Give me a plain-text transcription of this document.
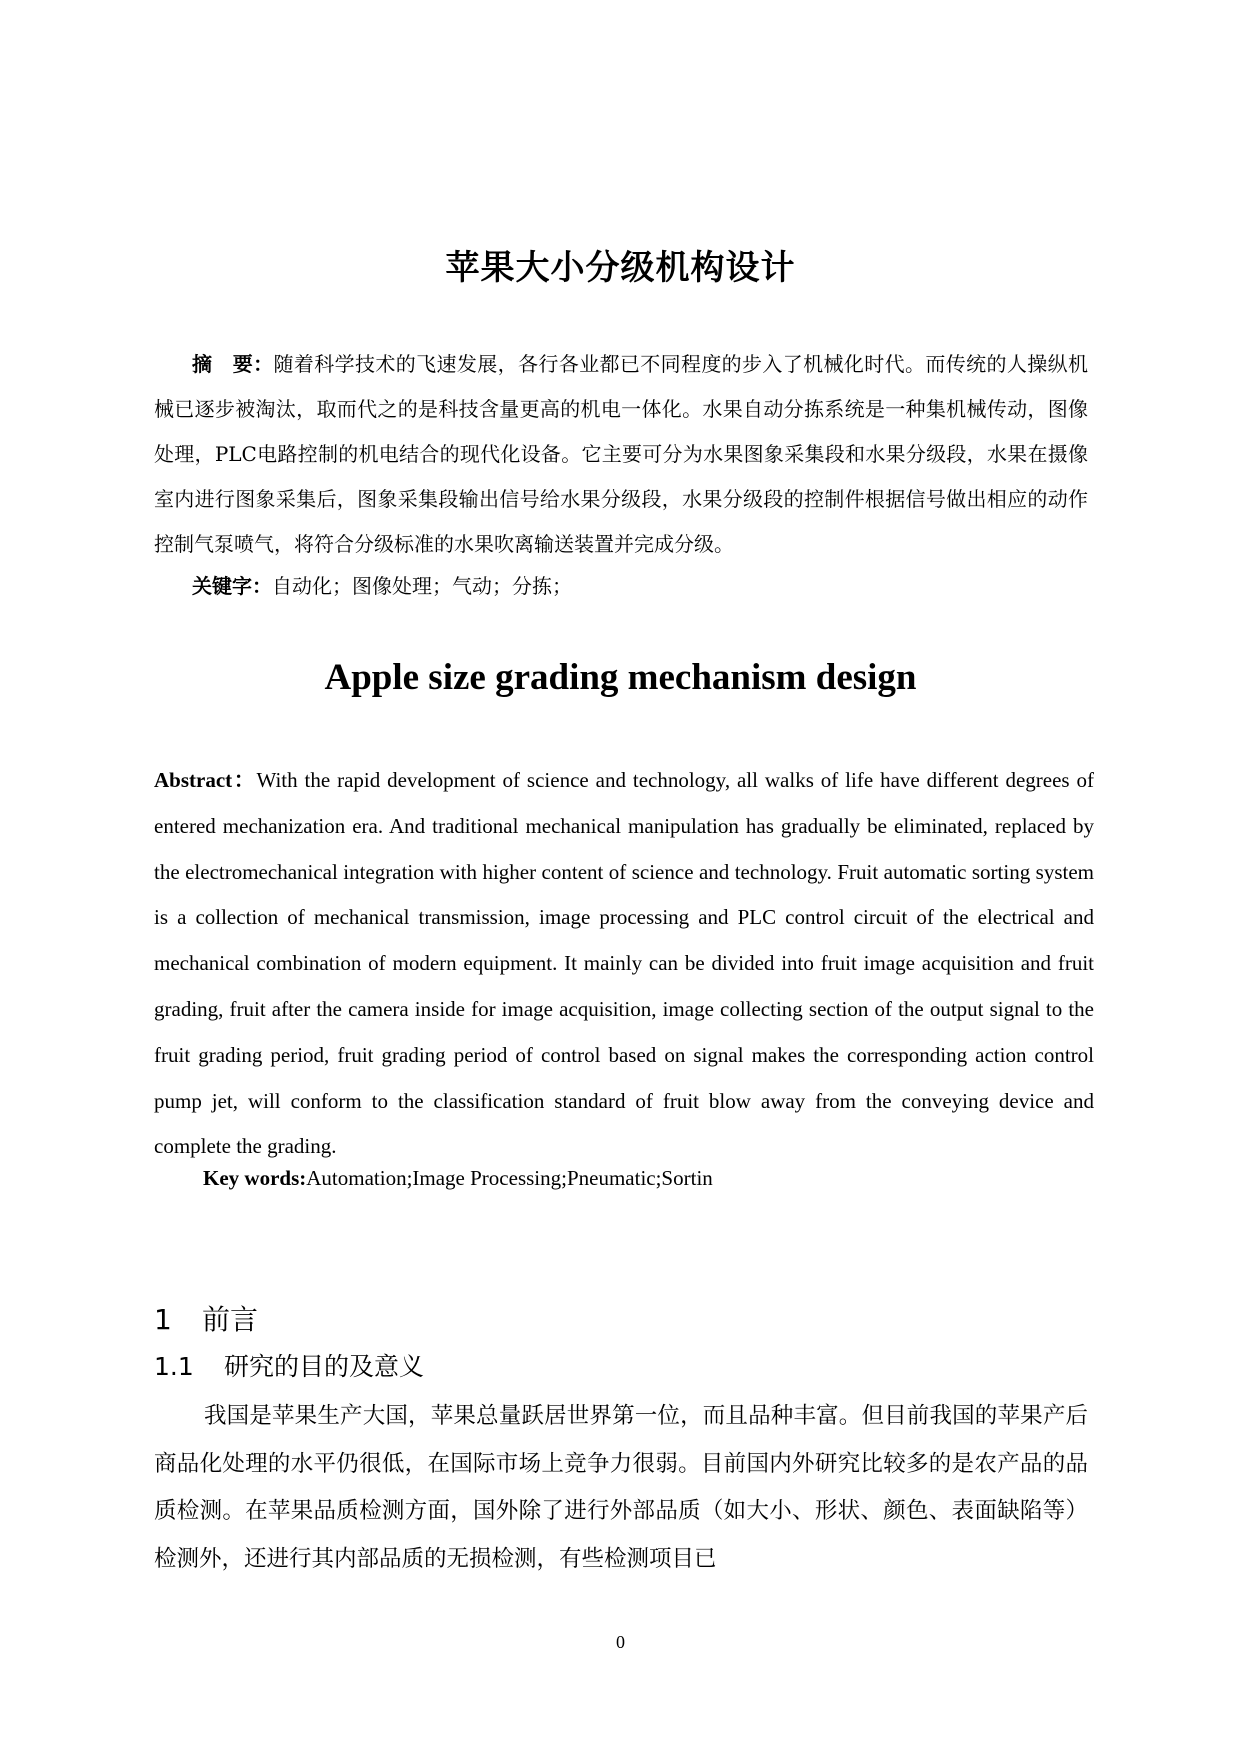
苹果大小分级机构设计
摘　要：随着科学技术的飞速发展，各行各业都已不同程度的步入了机械化时代。而传统的人操纵机械已逐步被淘汰，取而代之的是科技含量更高的机电一体化。水果自动分拣系统是一种集机械传动，图像处理，PLC电路控制的机电结合的现代化设备。它主要可分为水果图象采集段和水果分级段，水果在摄像室内进行图象采集后，图象采集段输出信号给水果分级段，水果分级段的控制件根据信号做出相应的动作控制气泵喷气，将符合分级标准的水果吹离输送装置并完成分级。
关键字：自动化；图像处理；气动；分拣；
Apple size grading mechanism design
Abstract：With the rapid development of science and technology, all walks of life have different degrees of entered mechanization era. And traditional mechanical manipulation has gradually be eliminated, replaced by the electromechanical integration with higher content of science and technology. Fruit automatic sorting system is a collection of mechanical transmission, image processing and PLC control circuit of the electrical and mechanical combination of modern equipment. It mainly can be divided into fruit image acquisition and fruit grading, fruit after the camera inside for image acquisition, image collecting section of the output signal to the fruit grading period, fruit grading period of control based on signal makes the corresponding action control pump jet, will conform to the classification standard of fruit blow away from the conveying device and complete the grading.
Key words:Automation;Image Processing;Pneumatic;Sortin
1 前言
1.1 研究的目的及意义
我国是苹果生产大国，苹果总量跃居世界第一位，而且品种丰富。但目前我国的苹果产后商品化处理的水平仍很低，在国际市场上竞争力很弱。目前国内外研究比较多的是农产品的品质检测。在苹果品质检测方面，国外除了进行外部品质（如大小、形状、颜色、表面缺陷等）检测外，还进行其内部品质的无损检测，有些检测项目已
0
